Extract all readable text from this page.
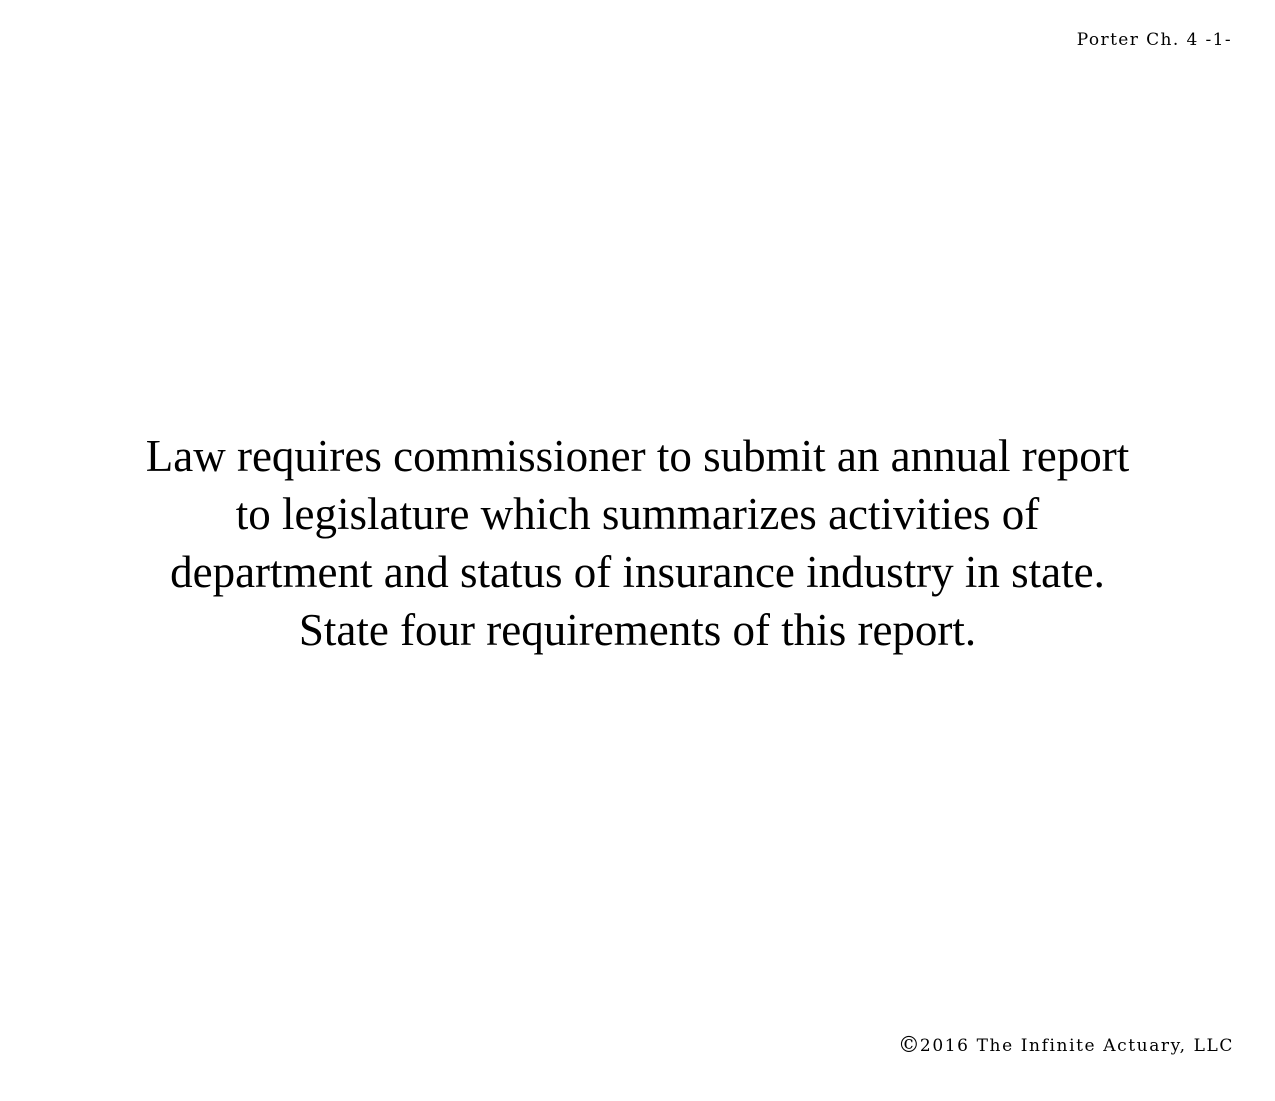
Porter Ch. 4 -1-
Law requires commissioner to submit an annual report
to legislature which summarizes activities of
department and status of insurance industry in state.
State four requirements of this report.
©2016 The Infinite Actuary, LLC
